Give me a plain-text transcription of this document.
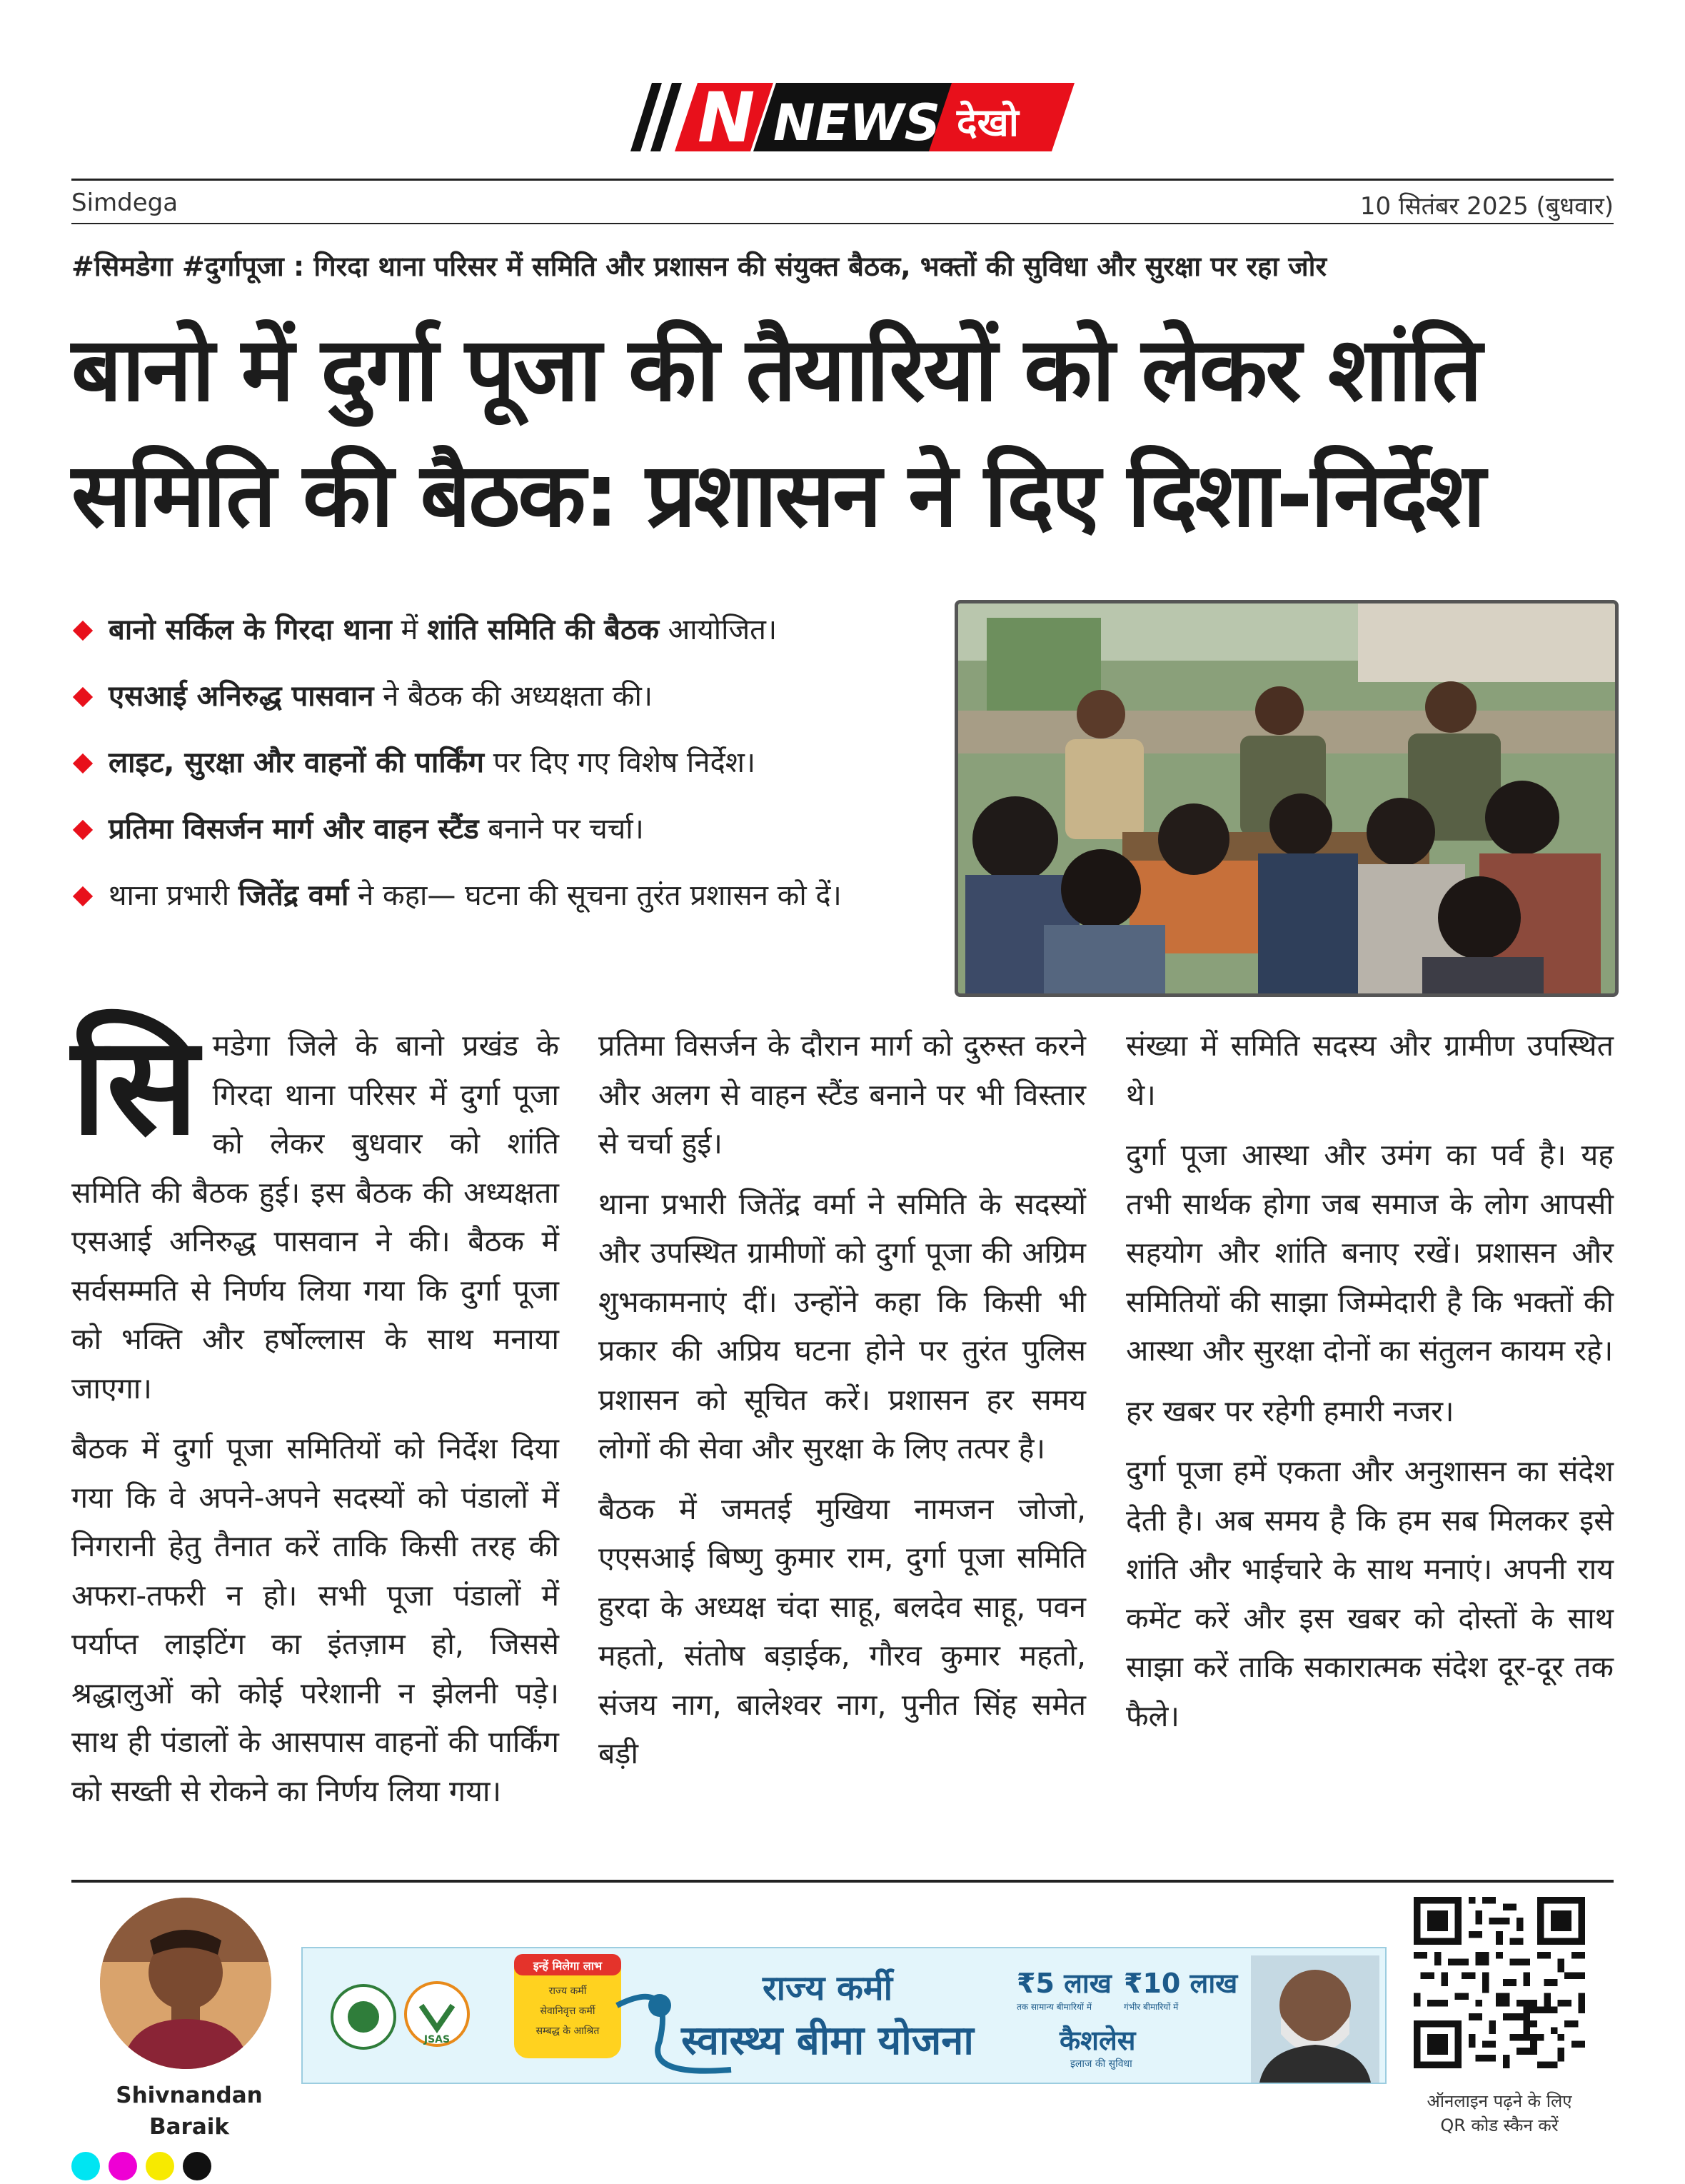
N NEWS देखो
Simdega	10 सितंबर 2025 (बुधवार)
#सिमडेगा #दुर्गापूजा : गिरदा थाना परिसर में समिति और प्रशासन की संयुक्त बैठक, भक्तों की सुविधा और सुरक्षा पर रहा जोर
बानो में दुर्गा पूजा की तैयारियों को लेकर शांति
समिति की बैठक: प्रशासन ने दिए दिशा-निर्देश
बानो सर्किल के गिरदा थाना में शांति समिति की बैठक आयोजित।
एसआई अनिरुद्ध पासवान ने बैठक की अध्यक्षता की।
लाइट, सुरक्षा और वाहनों की पार्किंग पर दिए गए विशेष निर्देश।
प्रतिमा विसर्जन मार्ग और वाहन स्टैंड बनाने पर चर्चा।
थाना प्रभारी जितेंद्र वर्मा ने कहा— घटना की सूचना तुरंत प्रशासन को दें।

सिमडेगा जिले के बानो प्रखंड के गिरदा थाना परिसर में दुर्गा पूजा को लेकर बुधवार को शांति समिति की बैठक हुई। इस बैठक की अध्यक्षता एसआई अनिरुद्ध पासवान ने की। बैठक में सर्वसम्मति से निर्णय लिया गया कि दुर्गा पूजा को भक्ति और हर्षोल्लास के साथ मनाया जाएगा।

बैठक में दुर्गा पूजा समितियों को निर्देश दिया गया कि वे अपने-अपने सदस्यों को पंडालों में निगरानी हेतु तैनात करें ताकि किसी तरह की अफरा-तफरी न हो। सभी पूजा पंडालों में पर्याप्त लाइटिंग का इंतज़ाम हो, जिससे श्रद्धालुओं को कोई परेशानी न झेलनी पड़े। साथ ही पंडालों के आसपास वाहनों की पार्किंग को सख्ती से रोकने का निर्णय लिया गया।

प्रतिमा विसर्जन के दौरान मार्ग को दुरुस्त करने और अलग से वाहन स्टैंड बनाने पर भी विस्तार से चर्चा हुई।

थाना प्रभारी जितेंद्र वर्मा ने समिति के सदस्यों और उपस्थित ग्रामीणों को दुर्गा पूजा की अग्रिम शुभकामनाएं दीं। उन्होंने कहा कि किसी भी प्रकार की अप्रिय घटना होने पर तुरंत पुलिस प्रशासन को सूचित करें। प्रशासन हर समय लोगों की सेवा और सुरक्षा के लिए तत्पर है।

बैठक में जमतई मुखिया नामजन जोजो, एएसआई बिष्णु कुमार राम, दुर्गा पूजा समिति हुरदा के अध्यक्ष चंदा साहू, बलदेव साहू, पवन महतो, संतोष बड़ाईक, गौरव कुमार महतो, संजय नाग, बालेश्वर नाग, पुनीत सिंह समेत बड़ी

संख्या में समिति सदस्य और ग्रामीण उपस्थित थे।

दुर्गा पूजा आस्था और उमंग का पर्व है। यह तभी सार्थक होगा जब समाज के लोग आपसी सहयोग और शांति बनाए रखें। प्रशासन और समितियों की साझा जिम्मेदारी है कि भक्तों की आस्था और सुरक्षा दोनों का संतुलन कायम रहे।

हर खबर पर रहेगी हमारी नजर।

दुर्गा पूजा हमें एकता और अनुशासन का संदेश देती है। अब समय है कि हम सब मिलकर इसे शांति और भाईचारे के साथ मनाएं। अपनी राय कमेंट करें और इस खबर को दोस्तों के साथ साझा करें ताकि सकारात्मक संदेश दूर-दूर तक फैले।

Shivnandan
Baraik
JSAS
इन्हें मिलेगा लाभ
राज्य कर्मी
सेवानिवृत्त कर्मी
सम्बद्ध के आश्रित
राज्य कर्मी
स्वास्थ्य बीमा योजना
₹5 लाख
तक सामान्य बीमारियों में
₹10 लाख
गंभीर बीमारियों में
कैशलेस
इलाज की सुविधा
ऑनलाइन पढ़ने के लिए
QR कोड स्कैन करें
